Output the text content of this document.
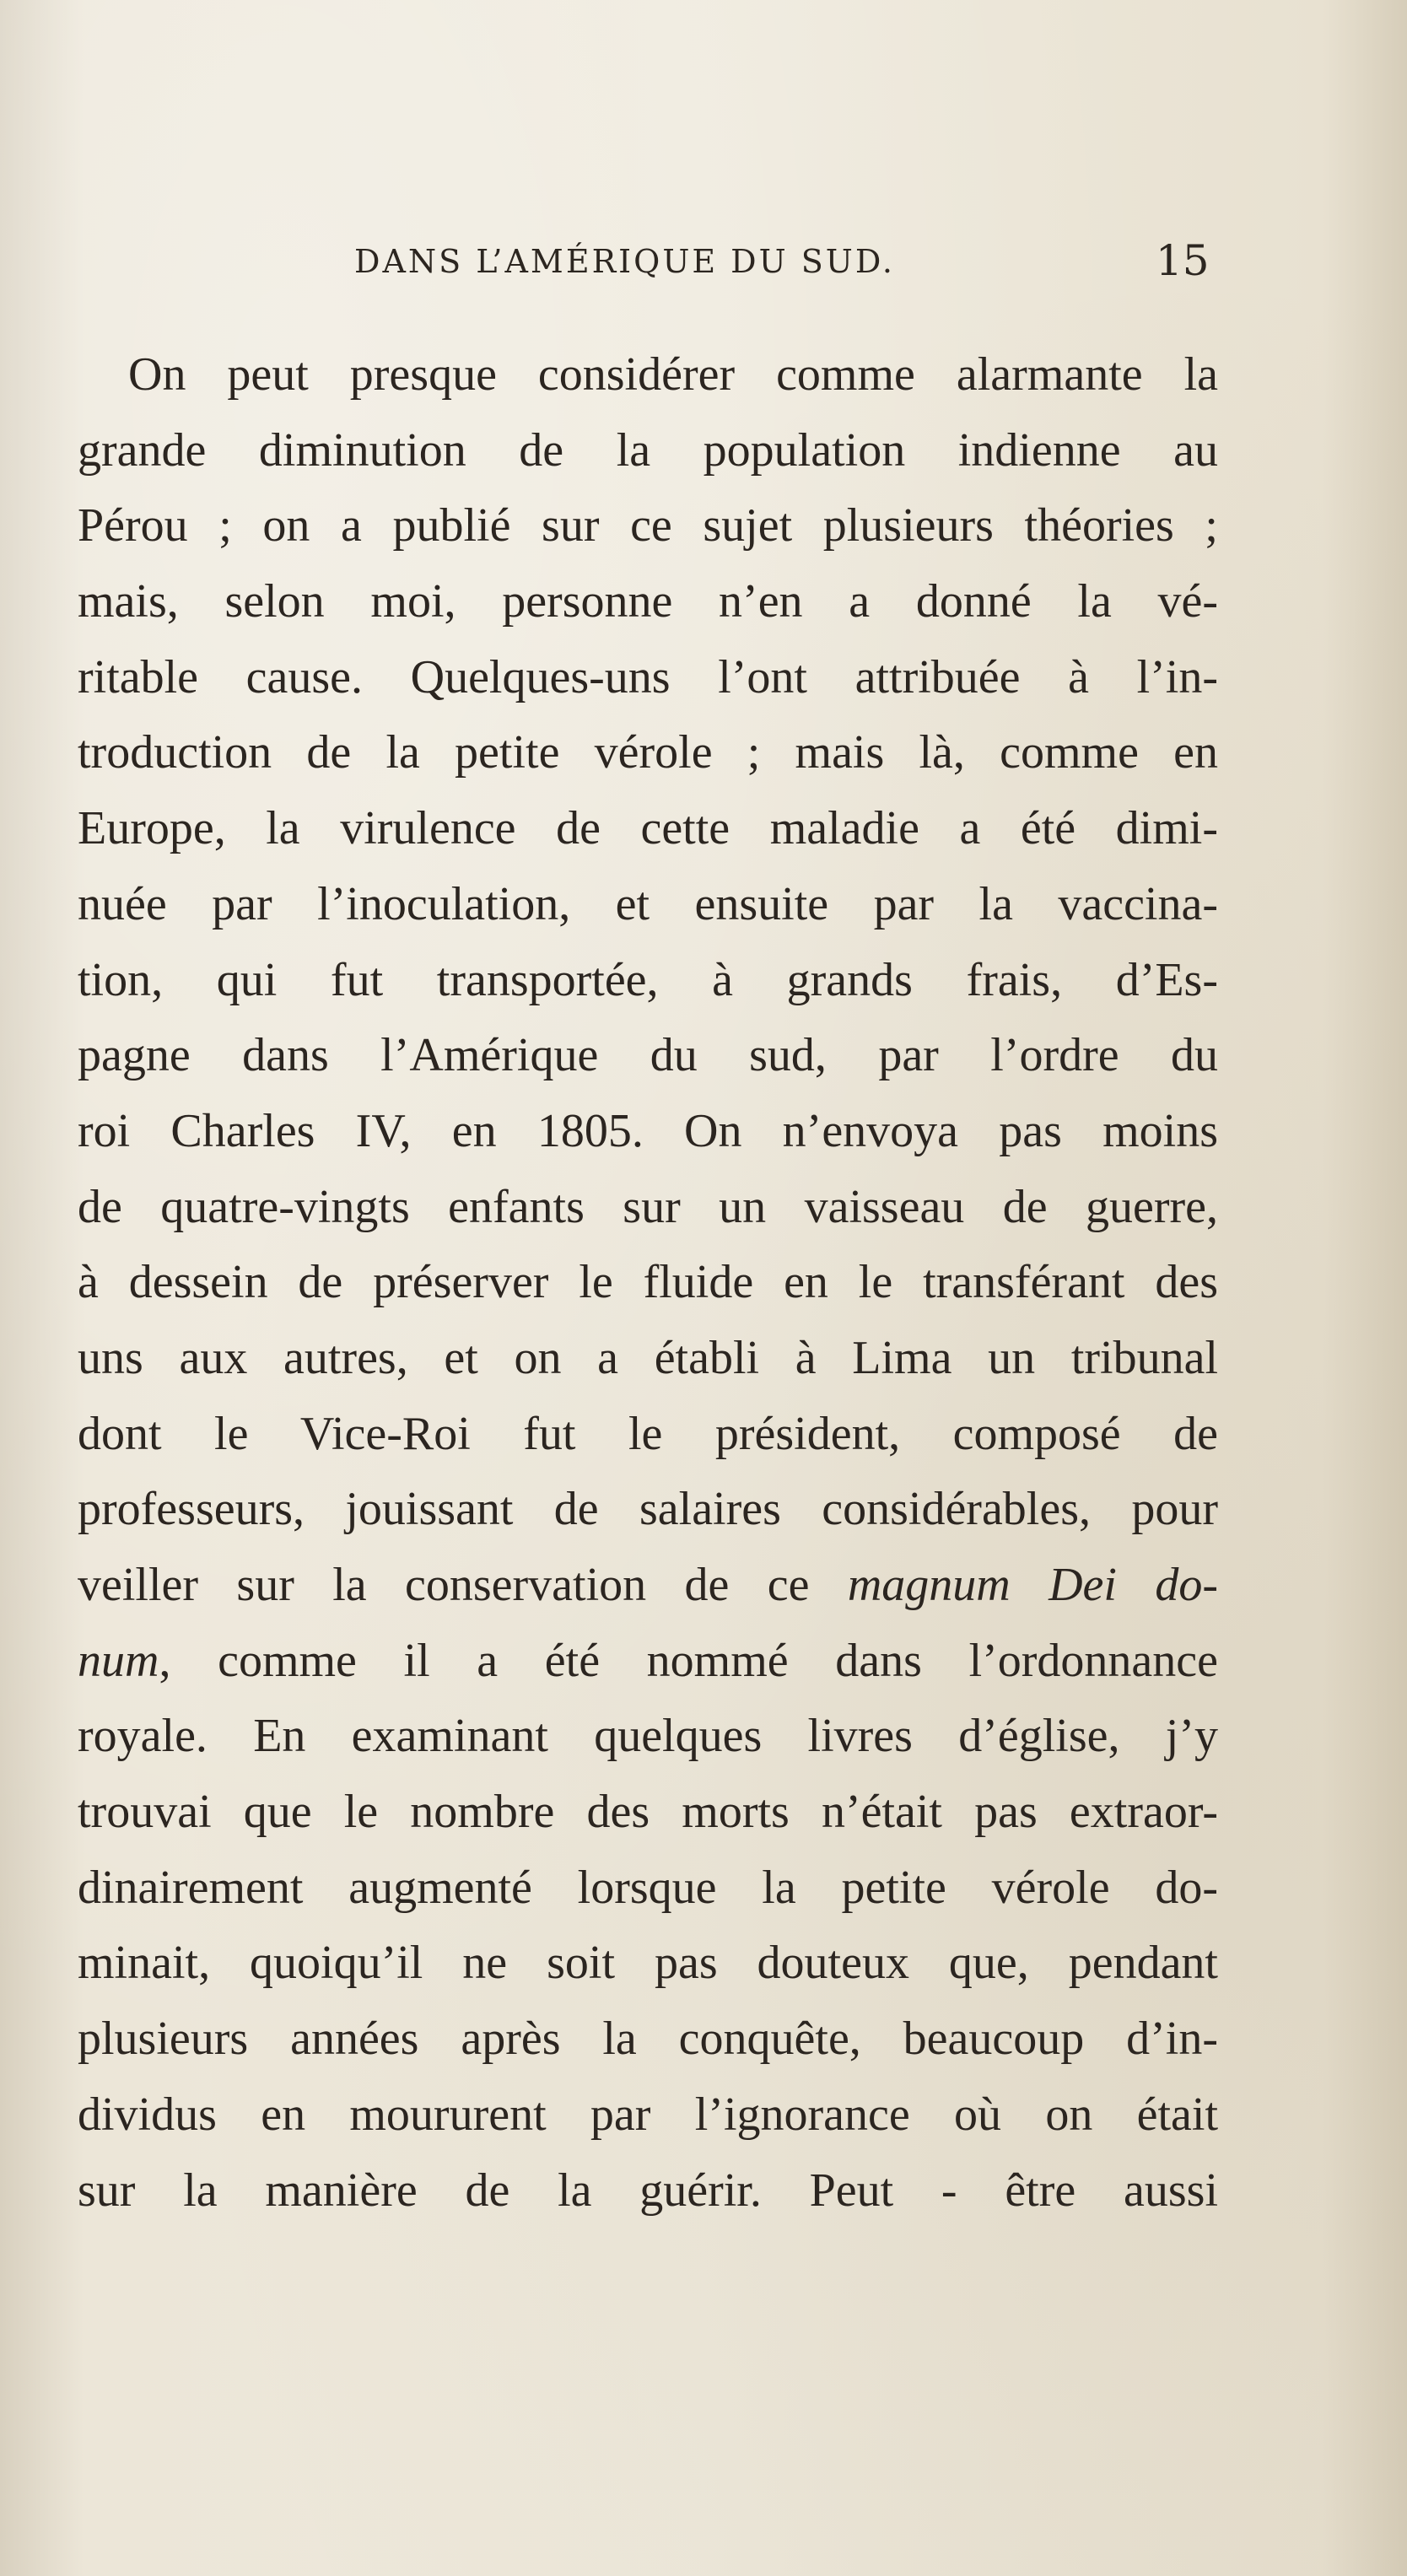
DANS L’AMÉRIQUE DU SUD.	15
On peut presque considérer comme alarmante la
grande diminution de la population indienne au
Pérou ; on a publié sur ce sujet plusieurs théories ;
mais, selon moi, personne n’en a donné la vé-
ritable cause. Quelques-uns l’ont attribuée à l’in-
troduction de la petite vérole ; mais là, comme en
Europe, la virulence de cette maladie a été dimi-
nuée par l’inoculation, et ensuite par la vaccina-
tion, qui fut transportée, à grands frais, d’Es-
pagne dans l’Amérique du sud, par l’ordre du
roi Charles IV, en 1805. On n’envoya pas moins
de quatre-vingts enfants sur un vaisseau de guerre,
à dessein de préserver le fluide en le transférant des
uns aux autres, et on a établi à Lima un tribunal
dont le Vice-Roi fut le président, composé de
professeurs, jouissant de salaires considérables, pour
veiller sur la conservation de ce magnum Dei do-
num, comme il a été nommé dans l’ordonnance
royale. En examinant quelques livres d’église, j’y
trouvai que le nombre des morts n’était pas extraor-
dinairement augmenté lorsque la petite vérole do-
minait, quoiqu’il ne soit pas douteux que, pendant
plusieurs années après la conquête, beaucoup d’in-
dividus en moururent par l’ignorance où on était
sur la manière de la guérir. Peut - être aussi
